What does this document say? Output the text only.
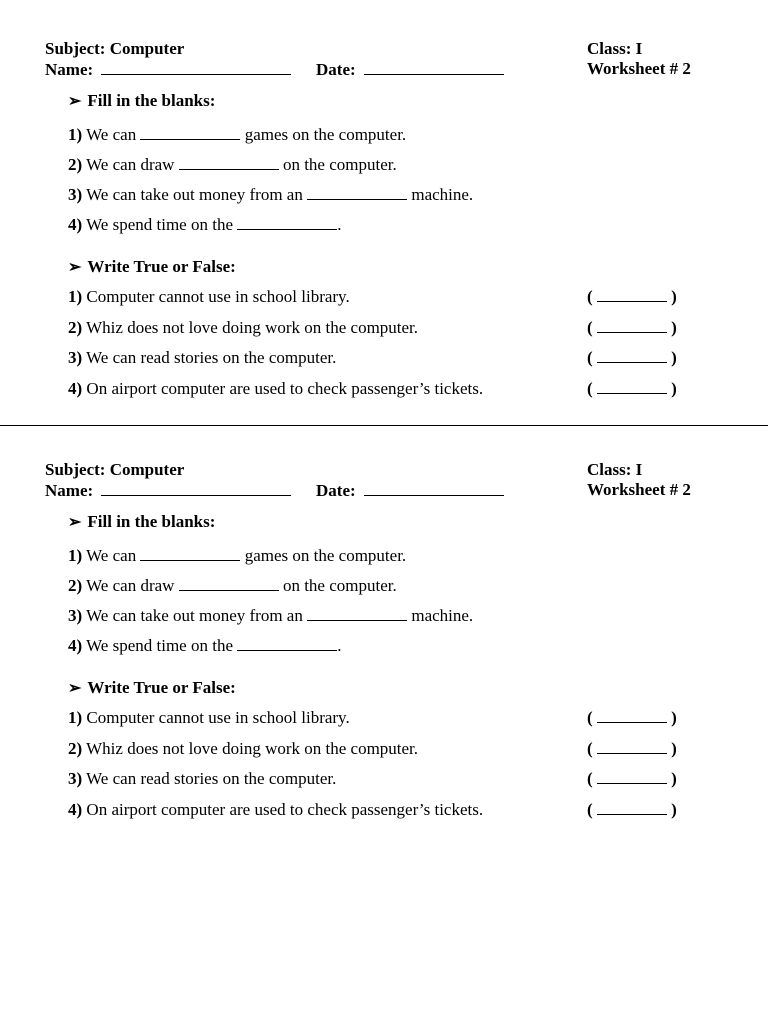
Subject: Computer
Name:	Date:
Class: I
Worksheet # 2
➢ Fill in the blanks:
1) We can	games on the computer.
2) We can draw	on the computer.
3) We can take out money from an	machine.
4) We spend time on the	.
➢ Write True or False:
1) Computer cannot use in school library.	(	)
2) Whiz does not love doing work on the computer.	(	)
3) We can read stories on the computer.	(	)
4) On airport computer are used to check passenger’s tickets.	(	)
Subject: Computer
Name:	Date:
Class: I
Worksheet # 2
➢ Fill in the blanks:
1) We can	games on the computer.
2) We can draw	on the computer.
3) We can take out money from an	machine.
4) We spend time on the	.
➢ Write True or False:
1) Computer cannot use in school library.	(	)
2) Whiz does not love doing work on the computer.	(	)
3) We can read stories on the computer.	(	)
4) On airport computer are used to check passenger’s tickets.	(	)
